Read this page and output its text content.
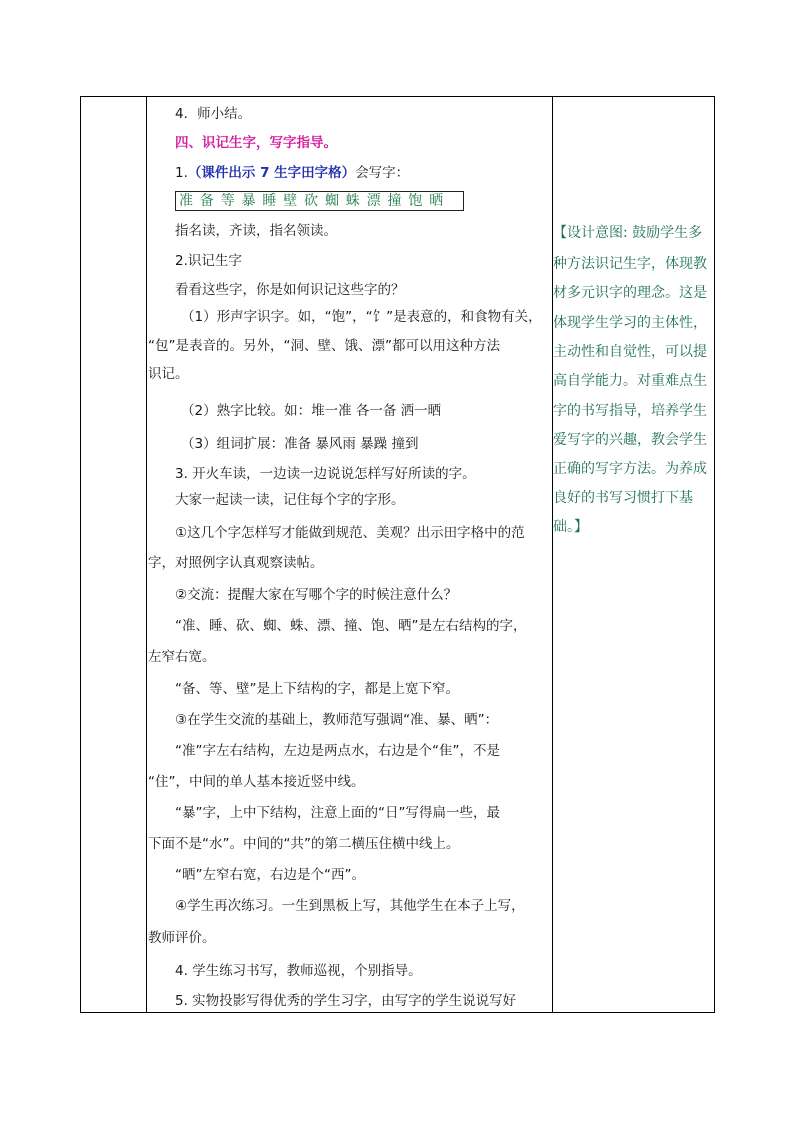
4．师小结。
四、识记生字，写字指导。
1.（课件出示 7 生字田字格）会写字：
准 备 等 暴 睡 壁 砍 蜘 蛛 漂 撞 饱 晒
指名读，齐读，指名领读。
2.识记生字
看看这些字，你是如何识记这些字的？
（1）形声字识字。如，“饱”，“饣”是表意的，和食物有关，
“包”是表音的。另外，“洞、壁、饿、漂”都可以用这种方法
识记。
（2）熟字比较。如：堆一准 各一备 洒一晒
（3）组词扩展：准备 暴风雨 暴躁 撞到
3. 开火车读，一边读一边说说怎样写好所读的字。
大家一起读一读，记住每个字的字形。
①这几个字怎样写才能做到规范、美观？出示田字格中的范
字，对照例字认真观察读帖。
②交流：提醒大家在写哪个字的时候注意什么？
“准、睡、砍、蜘、蛛、漂、撞、饱、晒”是左右结构的字，
左窄右宽。
“备、等、壁”是上下结构的字，都是上宽下窄。
③在学生交流的基础上，教师范写强调“准、暴、晒”：
“准”字左右结构，左边是两点水，右边是个“隹”，不是
“住”，中间的单人基本接近竖中线。
“暴”字，上中下结构，注意上面的“日”写得扁一些，最
下面不是“水”。中间的“共”的第二横压住横中线上。
“晒”左窄右宽，右边是个“西”。
④学生再次练习。一生到黑板上写，其他学生在本子上写，
教师评价。
4. 学生练习书写，教师巡视，个别指导。
5. 实物投影写得优秀的学生习字，由写字的学生说说写好
【设计意图: 鼓励学生多
种方法识记生字，体现教
材多元识字的理念。这是
体现学生学习的主体性，
主动性和自觉性，可以提
高自学能力。对重难点生
字的书写指导，培养学生
爱写字的兴趣，教会学生
正确的写字方法。为养成
良好的书写习惯打下基
础。】
